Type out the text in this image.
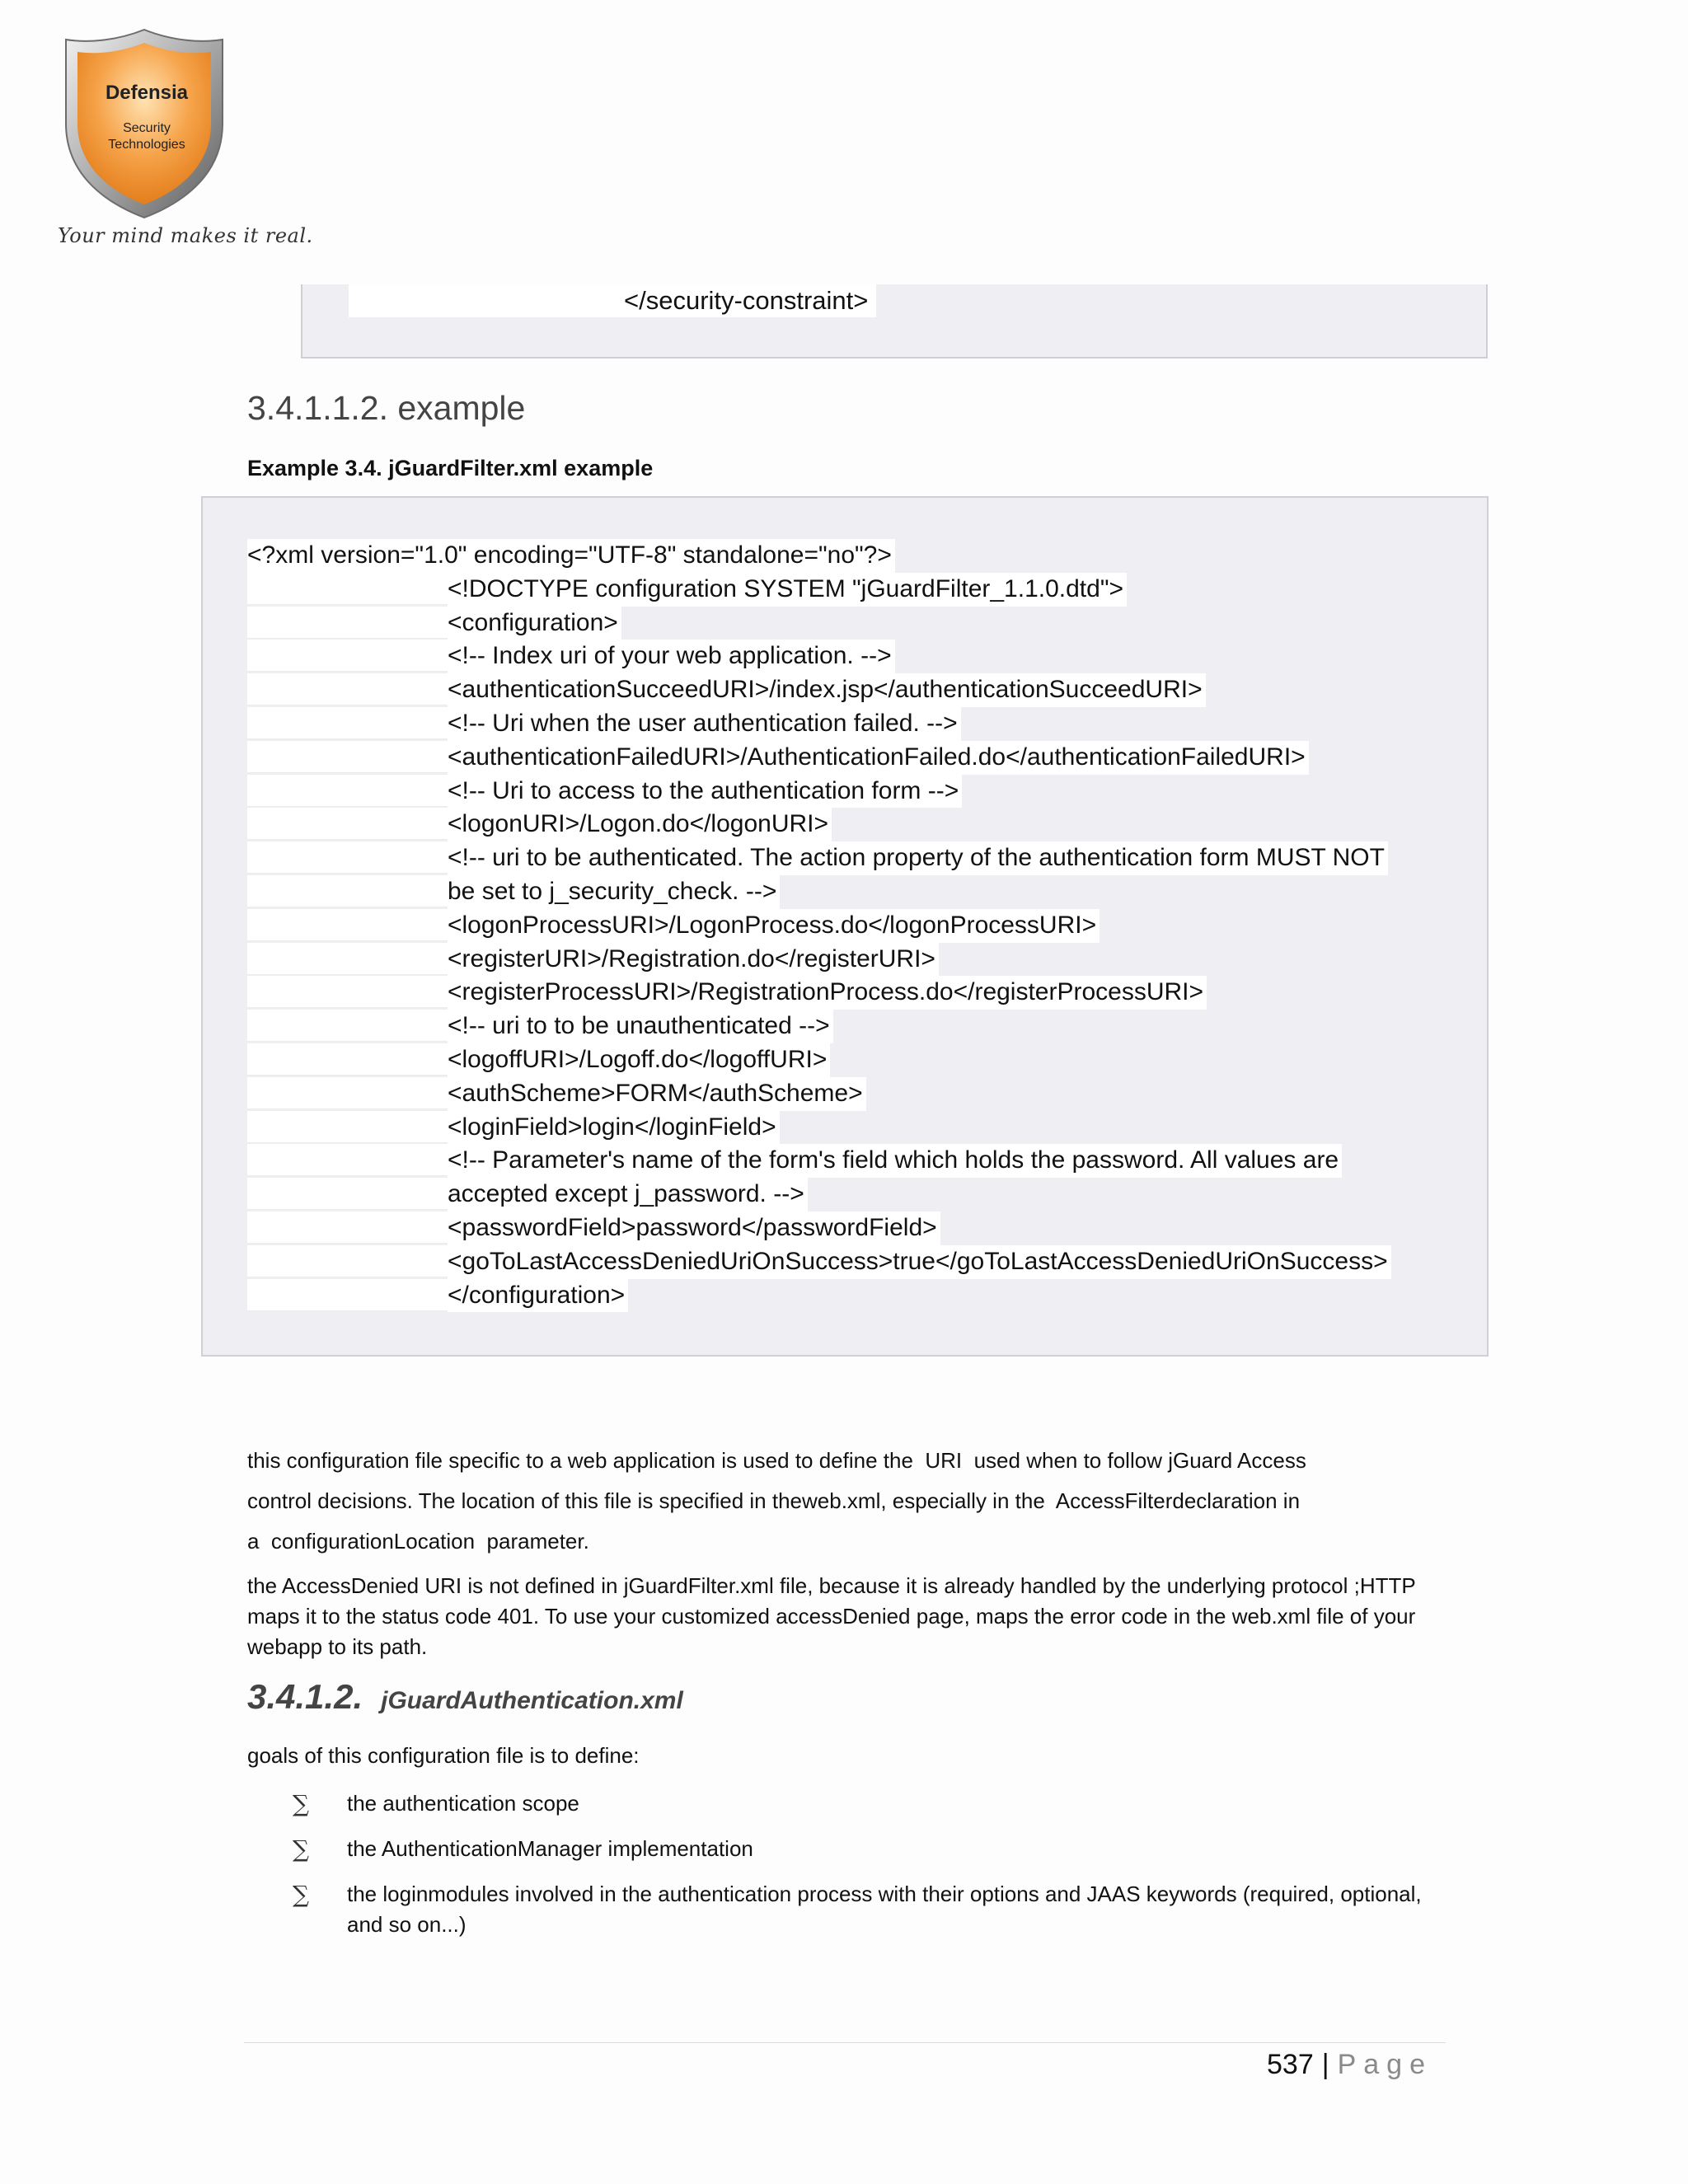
Defensia
Security
Technologies
Your mind makes it real.
</security-constraint>
3.4.1.1.2. example
Example 3.4. jGuardFilter.xml example
<?xml version="1.0" encoding="UTF-8" standalone="no"?>
<!DOCTYPE configuration SYSTEM "jGuardFilter_1.1.0.dtd">
<configuration>
<!-- Index uri of your web application. -->
<authenticationSucceedURI>/index.jsp</authenticationSucceedURI>
<!-- Uri when the user authentication failed. -->
<authenticationFailedURI>/AuthenticationFailed.do</authenticationFailedURI>
<!-- Uri to access to the authentication form -->
<logonURI>/Logon.do</logonURI>
<!-- uri to be authenticated. The action property of the authentication form MUST NOT
be set to j_security_check. -->
<logonProcessURI>/LogonProcess.do</logonProcessURI>
<registerURI>/Registration.do</registerURI>
<registerProcessURI>/RegistrationProcess.do</registerProcessURI>
<!-- uri to to be unauthenticated -->
<logoffURI>/Logoff.do</logoffURI>
<authScheme>FORM</authScheme>
<loginField>login</loginField>
<!-- Parameter's name of the form's field which holds the password. All values are
accepted except j_password. -->
<passwordField>password</passwordField>
<goToLastAccessDeniedUriOnSuccess>true</goToLastAccessDeniedUriOnSuccess>
</configuration>
this configuration file specific to a web application is used to define the  URI  used when to follow jGuard Access
control decisions. The location of this file is specified in theweb.xml, especially in the  AccessFilterdeclaration in
a  configurationLocation  parameter.
the AccessDenied URI is not defined in jGuardFilter.xml file, because it is already handled by the underlying protocol ;HTTP maps it to the status code 401. To use your customized accessDenied page, maps the error code in the web.xml file of your webapp to its path.
3.4.1.2. jGuardAuthentication.xml
goals of this configuration file is to define:
∑ the authentication scope
∑ the AuthenticationManager implementation
∑ the loginmodules involved in the authentication process with their options and JAAS keywords (required, optional, and so on...)
537 | Page
